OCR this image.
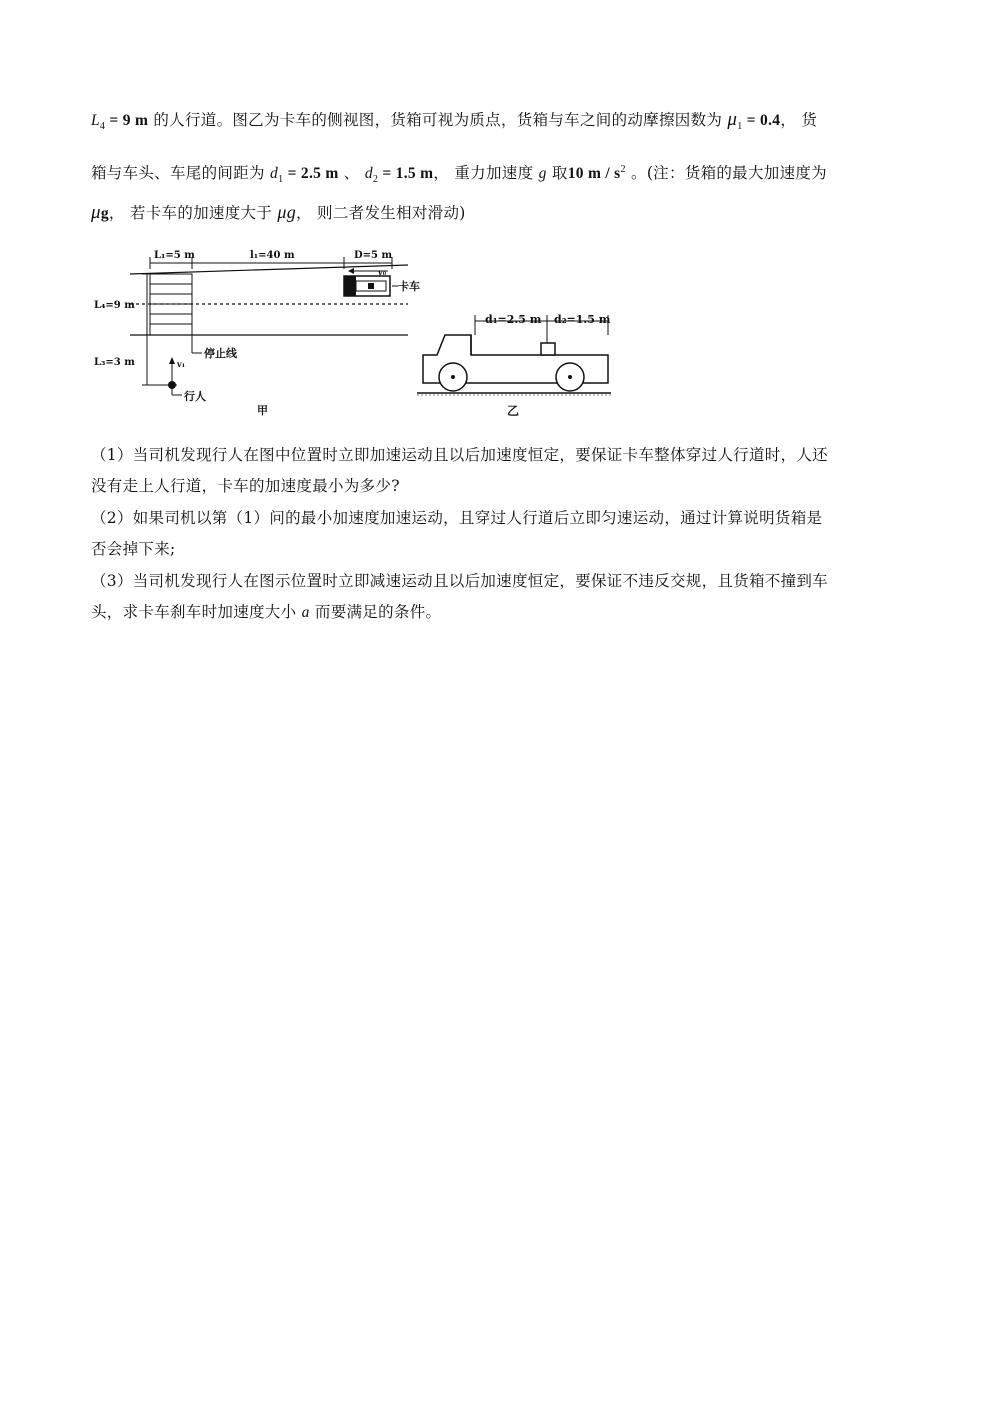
$L_4 = 9$ m 的人行道。图乙为卡车的侧视图，货箱可视为质点，货箱与车之间的动摩擦因数为 $\mu_1 = 0.4$， 货
箱与车头、车尾的间距为 $d_1 = 2.5$ m 、 $d_2 = 1.5$ m， 重力加速度 g 取10 m / $s^2$ 。(注：货箱的最大加速度为
μg， 若卡车的加速度大于 μg， 则二者发生相对滑动)
L₁=5 m	l₁=40 m	D=5 m
v₀
卡车
L₄=9 m
L₃=3 m
停止线
v₁
行人
甲
d₁=2.5 m d₂=1.5 m
乙
（1）当司机发现行人在图中位置时立即加速运动且以后加速度恒定，要保证卡车整体穿过人行道时，人还
没有走上人行道，卡车的加速度最小为多少?
（2）如果司机以第（1）问的最小加速度加速运动，且穿过人行道后立即匀速运动，通过计算说明货箱是
否会掉下来;
（3）当司机发现行人在图示位置时立即减速运动且以后加速度恒定，要保证不违反交规，且货箱不撞到车
头，求卡车刹车时加速度大小 a 而要满足的条件。
